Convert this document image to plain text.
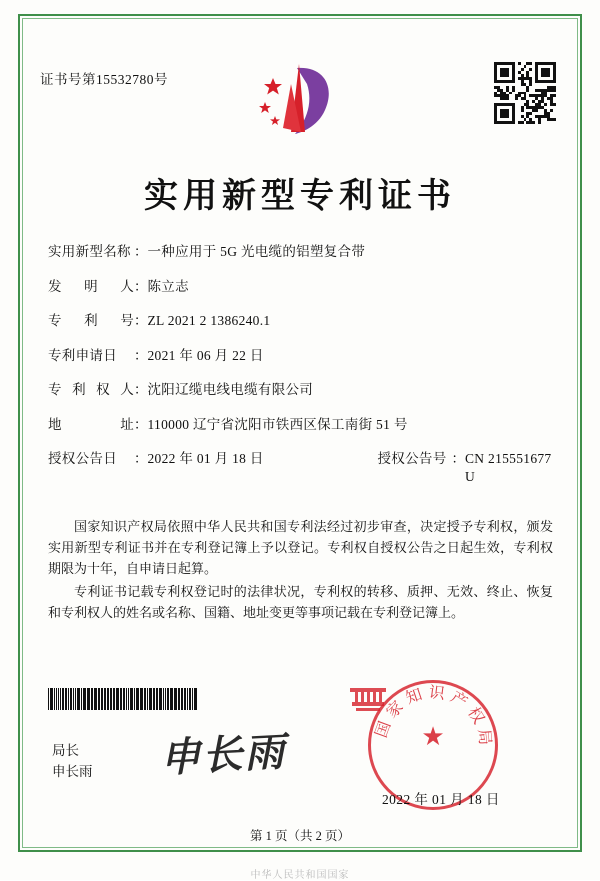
证书号第15532780号
实用新型专利证书
实用新型名称 ： 一种应用于 5G 光电缆的铝塑复合带
发 明 人 ： 陈立志
专 利 号 ： ZL 2021 2 1386240.1
专利申请日	： 2021 年 06 月 22 日
专 利 权 人 ： 沈阳辽缆电线电缆有限公司
地	址 ： 110000 辽宁省沈阳市铁西区保工南街 51 号
授权公告日	： 2022 年 01 月 18 日	授权公告号 ： CN 215551677 U

国家知识产权局依照中华人民共和国专利法经过初步审查，决定授予专利权，颁发实用新型专利证书并在专利登记簿上予以登记。专利权自授权公告之日起生效，专利权期限为十年，自申请日起算。

专利证书记载专利权登记时的法律状况，专利权的转移、质押、无效、终止、恢复和专利权人的姓名或名称、国籍、地址变更等事项记载在专利登记簿上。

局长
申长雨 申长雨
国家知识产权局
★
2022 年 01 月 18 日
第 1 页（共 2 页）
中华人民共和国国家
